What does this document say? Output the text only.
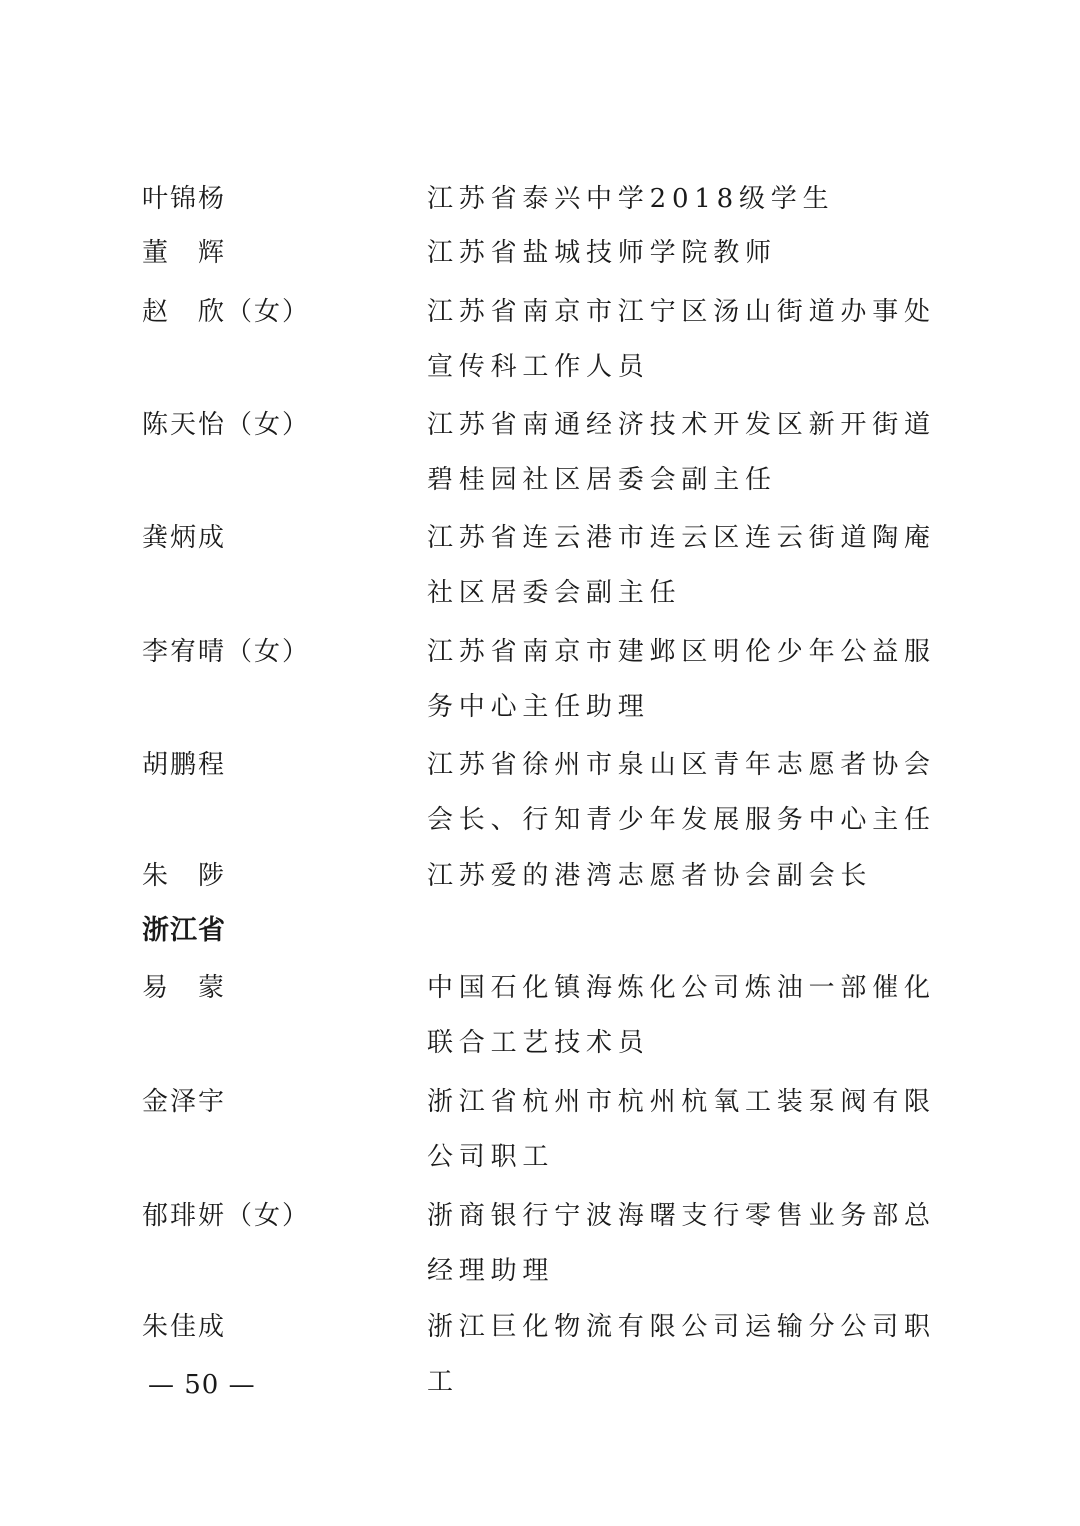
叶锦杨	江苏省泰兴中学2018级学生
董　辉	江苏省盐城技师学院教师
赵　欣（女）	江苏省南京市江宁区汤山街道办事处宣传科工作人员
陈天怡（女）	江苏省南通经济技术开发区新开街道碧桂园社区居委会副主任
龚炳成	江苏省连云港市连云区连云街道陶庵社区居委会副主任
李宥晴（女）	江苏省南京市建邺区明伦少年公益服务中心主任助理
胡鹏程	江苏省徐州市泉山区青年志愿者协会会长、行知青少年发展服务中心主任
朱　陟	江苏爱的港湾志愿者协会副会长
浙江省
易　蒙	中国石化镇海炼化公司炼油一部催化联合工艺技术员
金泽宇	浙江省杭州市杭州杭氧工装泵阀有限公司职工
郁琲妍（女）	浙商银行宁波海曙支行零售业务部总经理助理
朱佳成	浙江巨化物流有限公司运输分公司职工
— 50 —
